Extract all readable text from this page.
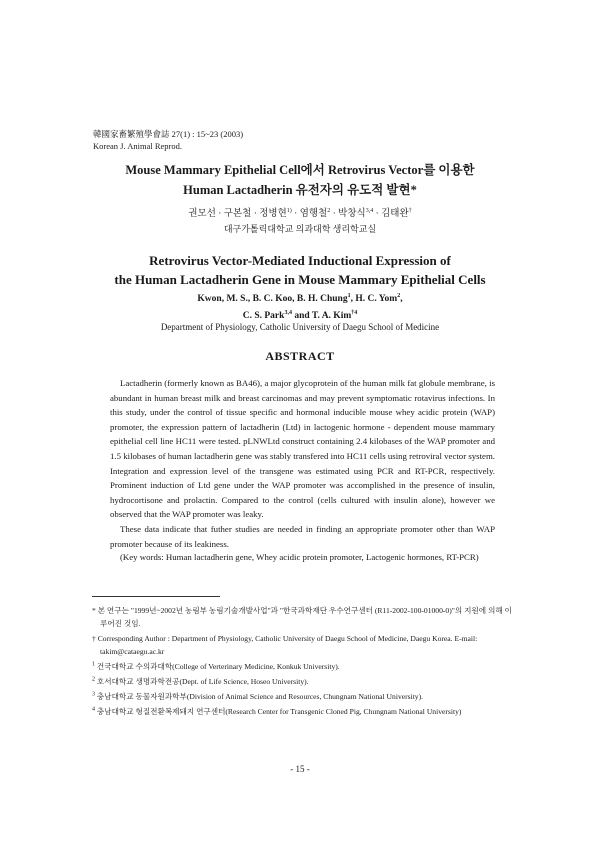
韓國家畜繁殖學會誌 27(1) : 15~23 (2003)
Korean J. Animal Reprod.
Mouse Mammary Epithelial Cell에서 Retrovirus Vector를 이용한
Human Lactadherin 유전자의 유도적 발현*
권모선 · 구본철 · 정병현$^{1)}$ · 염행철$^2$ · 박창식$^{3,4}$ · 김태완†
대구가톨릭대학교 의과대학 생리학교실
Retrovirus Vector-Mediated Inductional Expression of
the Human Lactadherin Gene in Mouse Mammary Epithelial Cells
Kwon, M. S., B. C. Koo, B. H. Chung$^1$, H. C. Yom$^2$,
C. S. Park$^{3,4}$ and T. A. Kim$^{\dagger 4}$
Department of Physiology, Catholic University of Daegu School of Medicine
ABSTRACT

Lactadherin (formerly known as BA46), a major glycoprotein of the human milk fat globule membrane, is abundant in human breast milk and breast carcinomas and may prevent symptomatic rotavirus infections. In this study, under the control of tissue specific and hormonal inducible mouse whey acidic protein (WAP) promoter, the expression pattern of lactadherin (Ltd) in lactogenic hormone - dependent mouse mammary epithelial cell line HC11 were tested. pLNWLtd construct containing 2.4 kilobases of the WAP promoter and 1.5 kilobases of human lactadherin gene was stably transfered into HC11 cells using retroviral vector system. Integration and expression level of the transgene was estimated using PCR and RT-PCR, respectively. Prominent induction of Ltd gene under the WAP promoter was accomplished in the presence of insulin, hydrocortisone and prolactin. Compared to the control (cells cultured with insulin alone), however we observed that the WAP promoter was leaky.

These data indicate that futher studies are needed in finding an appropriate promoter other than WAP promoter because of its leakiness.

(Key words: Human lactadherin gene, Whey acidic protein promoter, Lactogenic hormones, RT-PCR)
* 본 연구는 "1999년~2002년 농림부 농림기술개발사업"과 "한국과학재단 우수연구센터 (R11-2002-100-01000-0)"의 지원에 의해 이루어진 것임.
† Corresponding Author : Department of Physiology, Catholic University of Daegu School of Medicine, Daegu Korea. E-mail: takim@cataegu.ac.kr
$^1$ 건국대학교 수의과대학(College of Verterinary Medicine, Konkuk University).
$^2$ 호서대학교 생명과학전공(Dept. of Life Science, Hoseo University).
$^3$ 충남대학교 동물자원과학부(Division of Animal Science and Resources, Chungnam National University).
$^4$ 충남대학교 형질전환복제돼지 연구센터(Research Center for Transgenic Cloned Pig, Chungnam National University)
- 15 -
